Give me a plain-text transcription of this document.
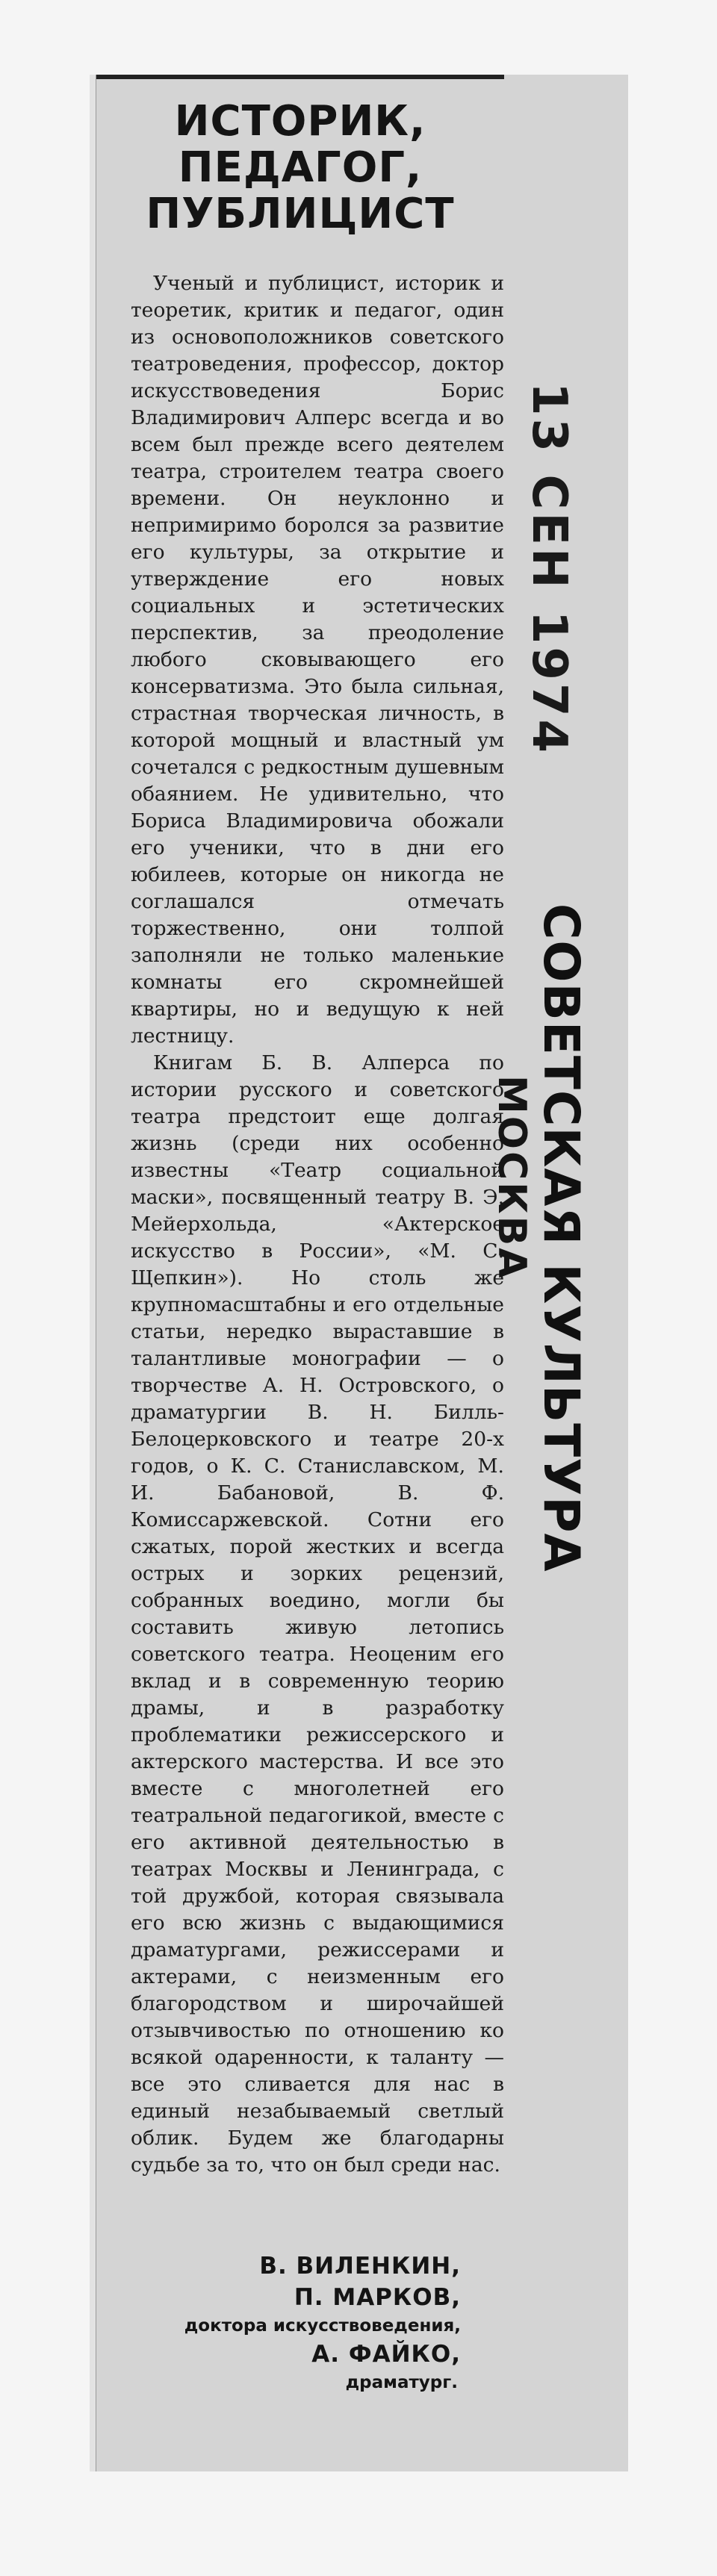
ИСТОРИК,
ПЕДАГОГ,
ПУБЛИЦИСТ

Ученый и публицист, историк и теоретик, критик и педагог, один из основоположников советского театроведения, профессор, доктор искусствоведения Борис Владимирович Алперс всегда и во всем был прежде всего деятелем театра, строителем театра своего времени. Он неуклонно и непримиримо боролся за развитие его культуры, за открытие и утверждение его новых социальных и эстетических перспектив, за преодоление любого сковывающего его консерватизма. Это была сильная, страстная творческая личность, в которой мощный и властный ум сочетался с редкостным душевным обаянием. Не удивительно, что Бориса Владимировича обожали его ученики, что в дни его юбилеев, которые он никогда не соглашался отмечать торжественно, они толпой заполняли не только маленькие комнаты его скромнейшей квартиры, но и ведущую к ней лестницу.

Книгам Б. В. Алперса по истории русского и советского театра предстоит еще долгая жизнь (среди них особенно известны «Театр социальной маски», посвященный театру В. Э. Мейерхольда, «Актерское искусство в России», «М. С. Щепкин»). Но столь же крупномасштабны и его отдельные статьи, нередко выраставшие в талантливые монографии — о творчестве А. Н. Островского, о драматургии В. Н. Билль-Белоцерковского и театре 20-х годов, о К. С. Станиславском, М. И. Бабановой, В. Ф. Комиссаржевской. Сотни его сжатых, порой жестких и всегда острых и зорких рецензий, собранных воедино, могли бы составить живую летопись советского театра. Неоценим его вклад и в современную теорию драмы, и в разработку проблематики режиссерского и актерского мастерства. И все это вместе с многолетней его театральной педагогикой, вместе с его активной деятельностью в театрах Москвы и Ленинграда, с той дружбой, которая связывала его всю жизнь с выдающимися драматургами, режиссерами и актерами, с неизменным его благородством и широчайшей отзывчивостью по отношению ко всякой одаренности, к таланту — все это сливается для нас в единый незабываемый светлый облик. Будем же благодарны судьбе за то, что он был среди нас.

В. ВИЛЕНКИН,
П. МАРКОВ,
доктора искусствоведения,
А. ФАЙКО,
драматург.
13 СЕН 1974
СОВЕТСКАЯ КУЛЬТУРА
МОСКВА
